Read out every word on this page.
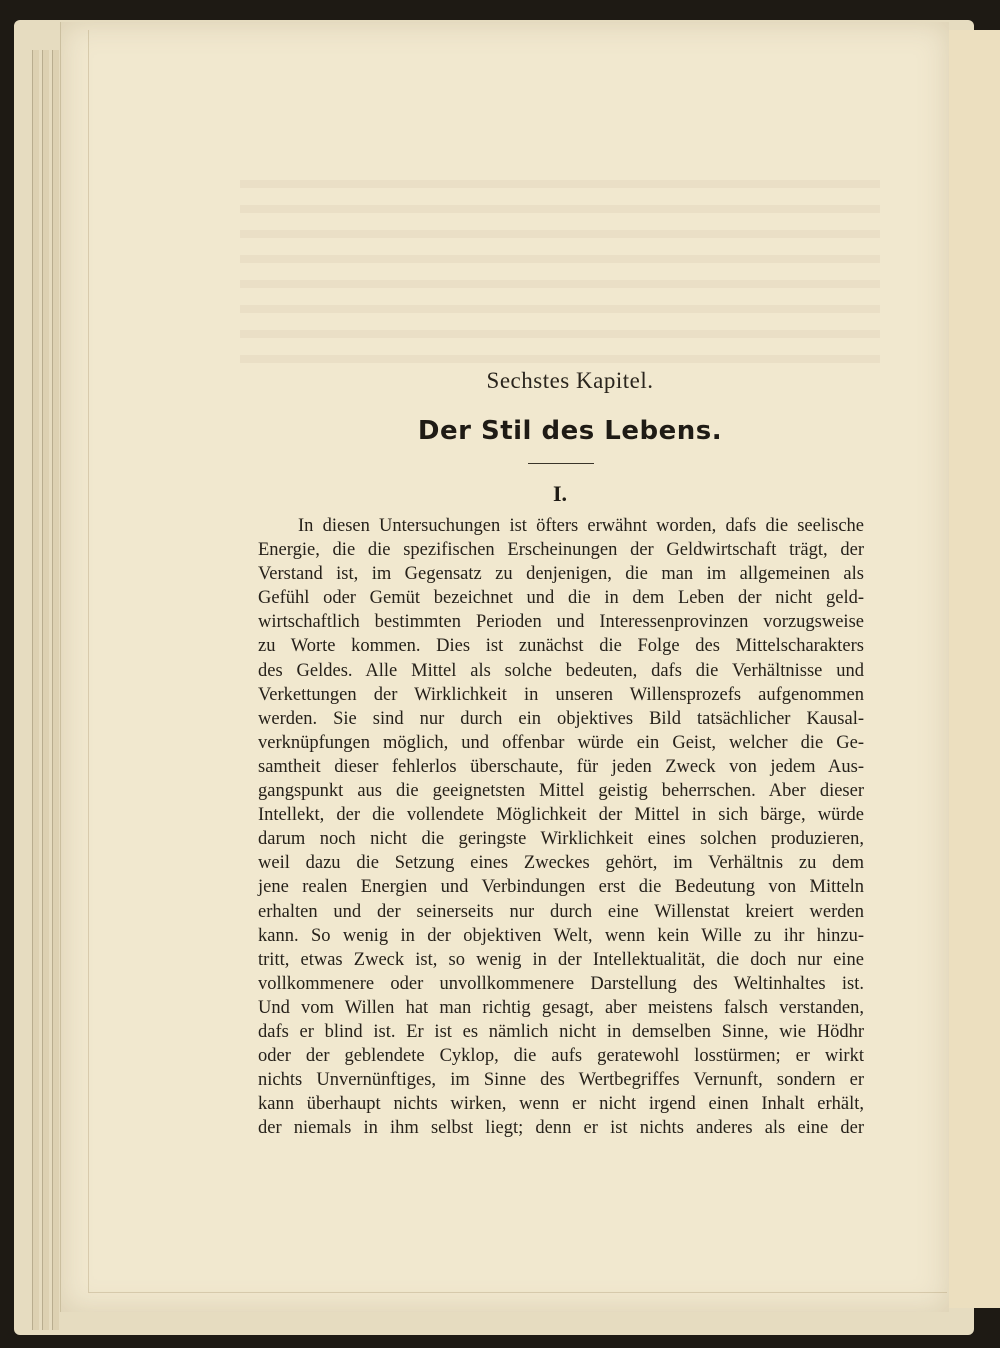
Sechstes Kapitel.
Der Stil des Lebens.
I.
In diesen Untersuchungen ist öfters erwähnt worden, dafs die seelische
Energie, die die spezifischen Erscheinungen der Geldwirtschaft trägt, der
Verstand ist, im Gegensatz zu denjenigen, die man im allgemeinen als
Gefühl oder Gemüt bezeichnet und die in dem Leben der nicht geld-
wirtschaftlich bestimmten Perioden und Interessenprovinzen vorzugsweise
zu Worte kommen. Dies ist zunächst die Folge des Mittelscharakters
des Geldes. Alle Mittel als solche bedeuten, dafs die Verhältnisse und
Verkettungen der Wirklichkeit in unseren Willensprozefs aufgenommen
werden. Sie sind nur durch ein objektives Bild tatsächlicher Kausal-
verknüpfungen möglich, und offenbar würde ein Geist, welcher die Ge-
samtheit dieser fehlerlos überschaute, für jeden Zweck von jedem Aus-
gangspunkt aus die geeignetsten Mittel geistig beherrschen. Aber dieser
Intellekt, der die vollendete Möglichkeit der Mittel in sich bärge, würde
darum noch nicht die geringste Wirklichkeit eines solchen produzieren,
weil dazu die Setzung eines Zweckes gehört, im Verhältnis zu dem
jene realen Energien und Verbindungen erst die Bedeutung von Mitteln
erhalten und der seinerseits nur durch eine Willenstat kreiert werden
kann. So wenig in der objektiven Welt, wenn kein Wille zu ihr hinzu-
tritt, etwas Zweck ist, so wenig in der Intellektualität, die doch nur eine
vollkommenere oder unvollkommenere Darstellung des Weltinhaltes ist.
Und vom Willen hat man richtig gesagt, aber meistens falsch verstanden,
dafs er blind ist. Er ist es nämlich nicht in demselben Sinne, wie Hödhr
oder der geblendete Cyklop, die aufs geratewohl losstürmen; er wirkt
nichts Unvernünftiges, im Sinne des Wertbegriffes Vernunft, sondern er
kann überhaupt nichts wirken, wenn er nicht irgend einen Inhalt erhält,
der niemals in ihm selbst liegt; denn er ist nichts anderes als eine der
